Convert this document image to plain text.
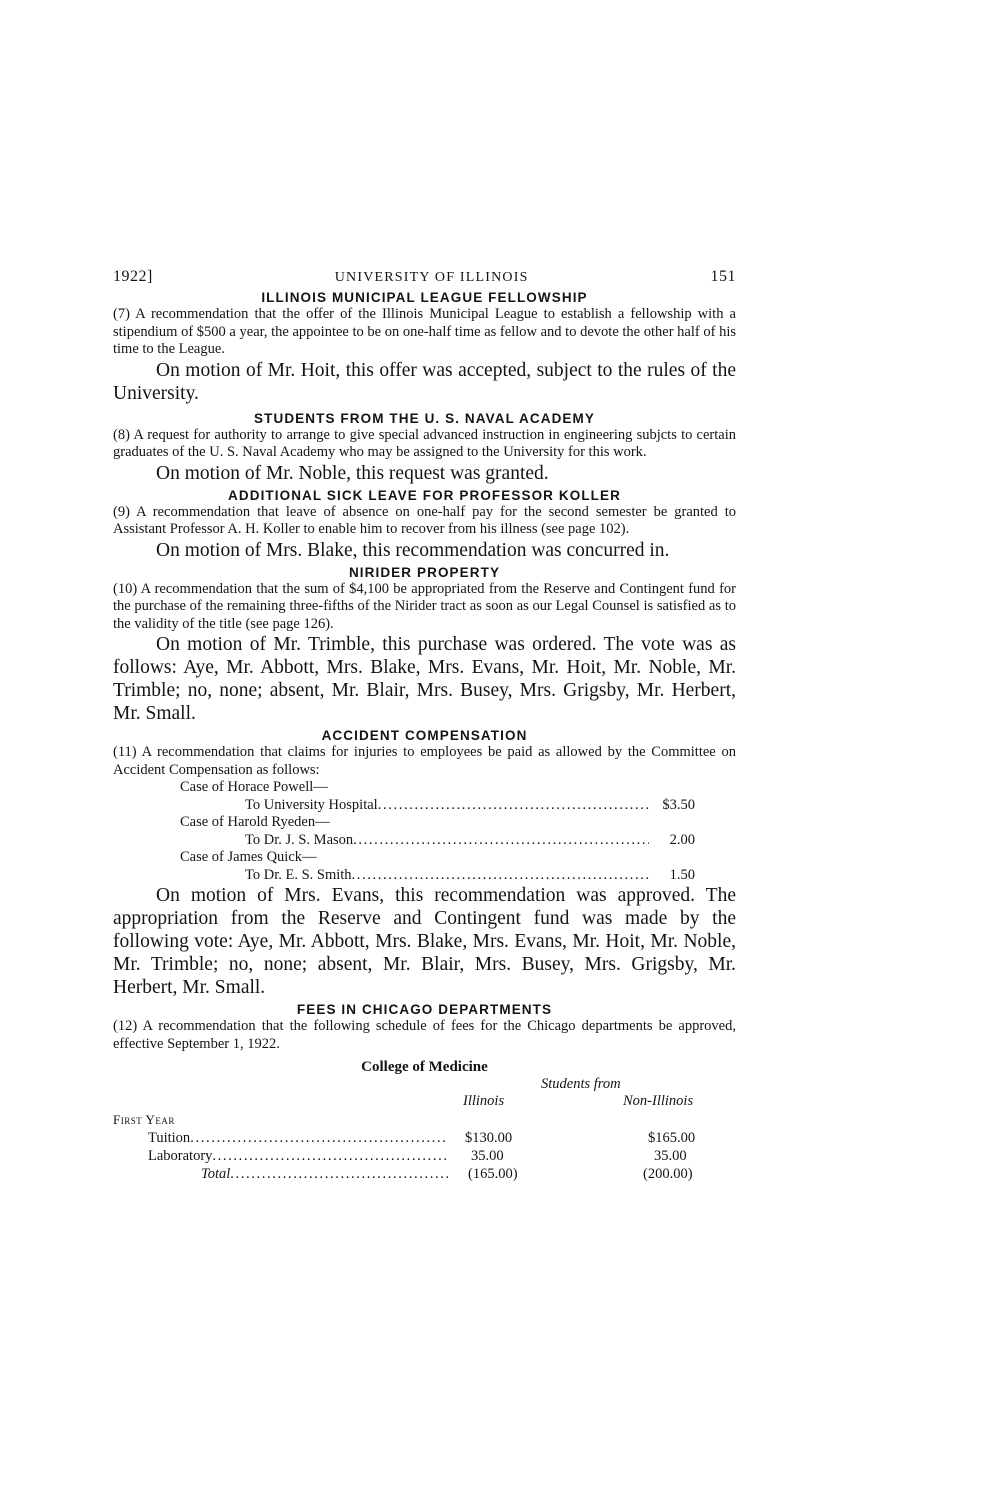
1922]	UNIVERSITY OF ILLINOIS	151
ILLINOIS MUNICIPAL LEAGUE FELLOWSHIP

(7) A recommendation that the offer of the Illinois Municipal League to establish a fellowship with a stipendium of $500 a year, the appointee to be on one-half time as fellow and to devote the other half of his time to the League.

On motion of Mr. Hoit, this offer was accepted, subject to the rules of the University.

STUDENTS FROM THE U. S. NAVAL ACADEMY

(8) A request for authority to arrange to give special advanced instruction in engineering subjcts to certain graduates of the U. S. Naval Academy who may be assigned to the University for this work.

On motion of Mr. Noble, this request was granted.

ADDITIONAL SICK LEAVE FOR PROFESSOR KOLLER

(9) A recommendation that leave of absence on one-half pay for the second semester be granted to Assistant Professor A. H. Koller to enable him to recover from his illness (see page 102).

On motion of Mrs. Blake, this recommendation was concurred in.

NIRIDER PROPERTY

(10) A recommendation that the sum of $4,100 be appropriated from the Reserve and Contingent fund for the purchase of the remaining three-fifths of the Nirider tract as soon as our Legal Counsel is satisfied as to the validity of the title (see page 126).

On motion of Mr. Trimble, this purchase was ordered. The vote was as follows: Aye, Mr. Abbott, Mrs. Blake, Mrs. Evans, Mr. Hoit, Mr. Noble, Mr. Trimble; no, none; absent, Mr. Blair, Mrs. Busey, Mrs. Grigsby, Mr. Herbert, Mr. Small.

ACCIDENT COMPENSATION

(11) A recommendation that claims for injuries to employees be paid as allowed by the Committee on Accident Compensation as follows:

Case of Horace Powell—
To University Hospital . . .	$3.50
Case of Harold Ryeden—
To Dr. J. S. Mason . . .	2.00
Case of James Quick—
To Dr. E. S. Smith . . .	1.50

On motion of Mrs. Evans, this recommendation was approved. The appropriation from the Reserve and Contingent fund was made by the following vote: Aye, Mr. Abbott, Mrs. Blake, Mrs. Evans, Mr. Hoit, Mr. Noble, Mr. Trimble; no, none; absent, Mr. Blair, Mrs. Busey, Mrs. Grigsby, Mr. Herbert, Mr. Small.

FEES IN CHICAGO DEPARTMENTS

(12) A recommendation that the following schedule of fees for the Chicago departments be approved, effective September 1, 1922.

College of Medicine
Students from
Illinois	Non-Illinois
First Year
Tuition . . .	$130.00	$165.00
Laboratory . . .	35.00	35.00
Total . . .	(165.00)	(200.00)
